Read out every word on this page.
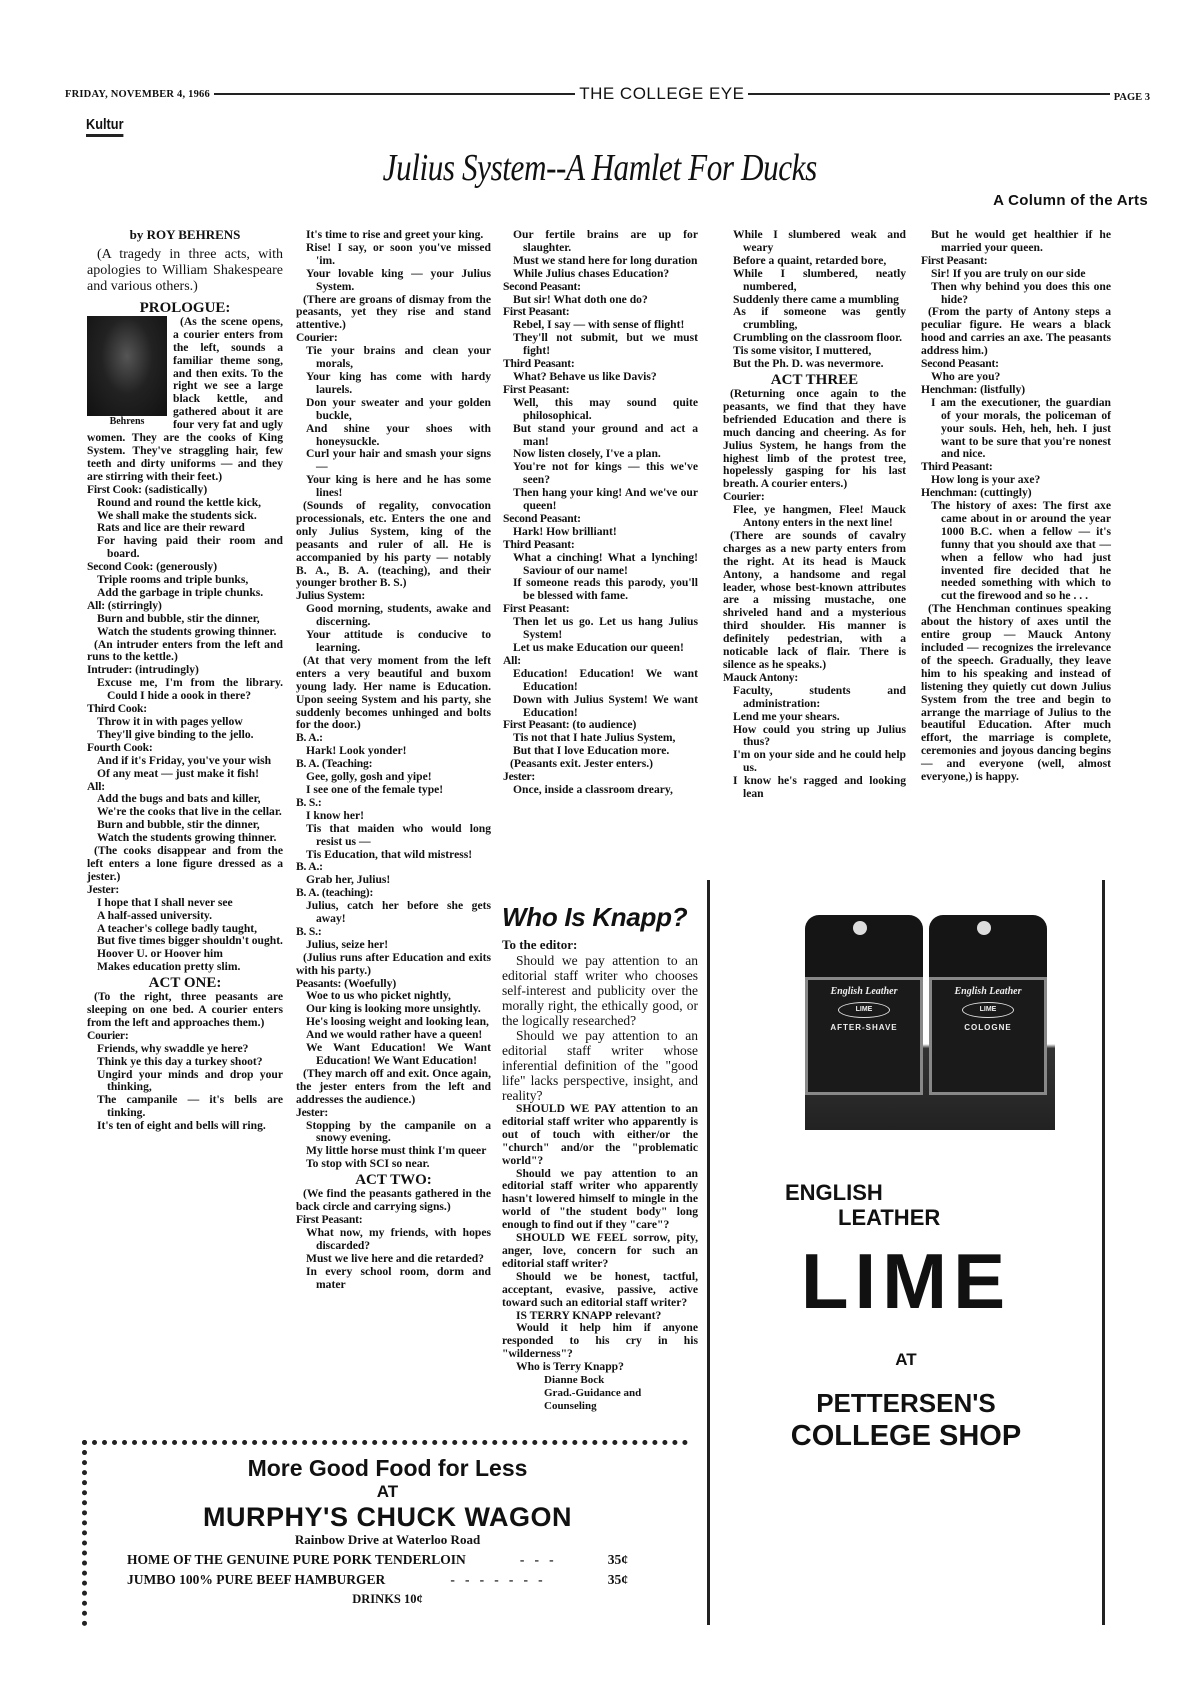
FRIDAY, NOVEMBER 4, 1966	THE COLLEGE EYE	PAGE 3
Kultur
Julius System--A Hamlet For Ducks
A Column of the Arts
by ROY BEHRENS
(A tragedy in three acts, with apologies to William Shakespeare and various others.)
PROLOGUE:
Behrens
(As the scene opens, a courier enters from the left, sounds a familiar theme song, and then exits. To the right we see a large black kettle, and gathered about it are four very fat and ugly women. They are the cooks of King System. They've straggling hair, few teeth and dirty uniforms — and they are stirring with their feet.)
First Cook: (sadistically)
Round and round the kettle kick,
We shall make the students sick.
Rats and lice are their reward
For having paid their room and board.
Second Cook: (generously)
Triple rooms and triple bunks,
Add the garbage in triple chunks.
All: (stirringly)
Burn and bubble, stir the dinner,
Watch the students growing thinner.
(An intruder enters from the left and runs to the kettle.)
Intruder: (intrudingly)
Excuse me, I'm from the library. Could I hide a oook in there?
Third Cook:
Throw it in with pages yellow
They'll give binding to the jello.
Fourth Cook:
And if it's Friday, you've your wish
Of any meat — just make it fish!
All:
Add the bugs and bats and killer,
We're the cooks that live in the cellar.
Burn and bubble, stir the dinner,
Watch the students growing thinner.
(The cooks disappear and from the left enters a lone figure dressed as a jester.)
Jester:
I hope that I shall never see
A half-assed university.
A teacher's college badly taught,
But five times bigger shouldn't ought.
Hoover U. or Hoover him
Makes education pretty slim.
ACT ONE:
(To the right, three peasants are sleeping on one bed. A courier enters from the left and approaches them.)
Courier:
Friends, why swaddle ye here?
Think ye this day a turkey shoot?
Ungird your minds and drop your thinking,
The campanile — it's bells are tinking.
It's ten of eight and bells will ring.
It's time to rise and greet your king.
Rise! I say, or soon you've missed 'im.
Your lovable king — your Julius System.
(There are groans of dismay from the peasants, yet they rise and stand attentive.)
Courier:
Tie your brains and clean your morals,
Your king has come with hardy laurels.
Don your sweater and your golden buckle,
And shine your shoes with honeysuckle.
Curl your hair and smash your signs —
Your king is here and he has some lines!
(Sounds of regality, convocation processionals, etc. Enters the one and only Julius System, king of the peasants and ruler of all. He is accompanied by his party — notably B. A., B. A. (teaching), and their younger brother B. S.)
Julius System:
Good morning, students, awake and discerning.
Your attitude is conducive to learning.
(At that very moment from the left enters a very beautiful and buxom young lady. Her name is Education. Upon seeing System and his party, she suddenly becomes unhinged and bolts for the door.)
B. A.:
Hark! Look yonder!
B. A. (Teaching:
Gee, golly, gosh and yipe!
I see one of the female type!
B. S.:
I know her!
Tis that maiden who would long resist us —
Tis Education, that wild mistress!
B. A.:
Grab her, Julius!
B. A. (teaching):
Julius, catch her before she gets away!
B. S.:
Julius, seize her!
(Julius runs after Education and exits with his party.)
Peasants: (Woefully)
Woe to us who picket nightly,
Our king is looking more unsightly.
He's loosing weight and looking lean,
And we would rather have a queen!
We Want Education! We Want Education! We Want Education!
(They march off and exit. Once again, the jester enters from the left and addresses the audience.)
Jester:
Stopping by the campanile on a snowy evening.
My little horse must think I'm queer
To stop with SCI so near.
ACT TWO:
(We find the peasants gathered in the back circle and carrying signs.)
First Peasant:
What now, my friends, with hopes discarded?
Must we live here and die retarded?
In every school room, dorm and mater
Our fertile brains are up for slaughter.
Must we stand here for long duration
While Julius chases Education?
Second Peasant:
But sir! What doth one do?
First Peasant:
Rebel, I say — with sense of flight!
They'll not submit, but we must fight!
Third Peasant:
What? Behave us like Davis?
First Peasant:
Well, this may sound quite philosophical.
But stand your ground and act a man!
Now listen closely, I've a plan.
You're not for kings — this we've seen?
Then hang your king! And we've our queen!
Second Peasant:
Hark! How brilliant!
Third Peasant:
What a cinching! What a lynching! Saviour of our name!
If someone reads this parody, you'll be blessed with fame.
First Peasant:
Then let us go. Let us hang Julius System!
Let us make Education our queen!
All:
Education! Education! We want Education!
Down with Julius System! We want Education!
First Peasant: (to audience)
Tis not that I hate Julius System,
But that I love Education more.
(Peasants exit. Jester enters.)
Jester:
Once, inside a classroom dreary,
While I slumbered weak and weary
Before a quaint, retarded bore,
While I slumbered, neatly numbered,
Suddenly there came a mumbling
As if someone was gently crumbling,
Crumbling on the classroom floor.
Tis some visitor, I muttered,
But the Ph. D. was nevermore.
ACT THREE
(Returning once again to the peasants, we find that they have befriended Education and there is much dancing and cheering. As for Julius System, he hangs from the highest limb of the protest tree, hopelessly gasping for his last breath. A courier enters.)
Courier:
Flee, ye hangmen, Flee! Mauck Antony enters in the next line!
(There are sounds of cavalry charges as a new party enters from the right. At its head is Mauck Antony, a handsome and regal leader, whose best-known attributes are a missing mustache, one shriveled hand and a mysterious third shoulder. His manner is definitely pedestrian, with a noticable lack of flair. There is silence as he speaks.)
Mauck Antony:
Faculty, students and administration:
Lend me your shears.
How could you string up Julius thus?
I'm on your side and he could help us.
I know he's ragged and looking lean
But he would get healthier if he married your queen.
First Peasant:
Sir! If you are truly on our side
Then why behind you does this one hide?
(From the party of Antony steps a peculiar figure. He wears a black hood and carries an axe. The peasants address him.)
Second Peasant:
Who are you?
Henchman: (listfully)
I am the executioner, the guardian of your morals, the policeman of your souls. Heh, heh, heh. I just want to be sure that you're nonest and nice.
Third Peasant:
How long is your axe?
Henchman: (cuttingly)
The history of axes: The first axe came about in or around the year 1000 B.C. when a fellow — it's funny that you should axe that — when a fellow who had just invented fire decided that he needed something with which to cut the firewood and so he . . .
(The Henchman continues speaking about the history of axes until the entire group — Mauck Antony included — recognizes the irrelevance of the speech. Gradually, they leave him to his speaking and instead of listening they quietly cut down Julius System from the tree and begin to arrange the marriage of Julius to the beautiful Education. After much effort, the marriage is complete, ceremonies and joyous dancing begins — and everyone (well, almost everyone,) is happy.
Who Is Knapp?
To the editor:
Should we pay attention to an editorial staff writer who chooses self-interest and publicity over the morally right, the ethically good, or the logically researched?
Should we pay attention to an editorial staff writer whose inferential definition of the "good life" lacks perspective, insight, and reality?
SHOULD WE PAY attention to an editorial staff writer who apparently is out of touch with either/or the "church" and/or the "problematic world"?
Should we pay attention to an editorial staff writer who apparently hasn't lowered himself to mingle in the world of "the student body" long enough to find out if they "care"?
SHOULD WE FEEL sorrow, pity, anger, love, concern for such an editorial staff writer?
Should we be honest, tactful, acceptant, evasive, passive, active toward such an editorial staff writer?
IS TERRY KNAPP relevant?
Would it help him if anyone responded to his cry in his "wilderness"?
Who is Terry Knapp?
Dianne Bock
Grad.-Guidance and
Counseling
More Good Food for Less
AT
MURPHY'S CHUCK WAGON
Rainbow Drive at Waterloo Road
HOME OF THE GENUINE PURE PORK TENDERLOIN	-   -   -	35¢
JUMBO 100% PURE BEEF HAMBURGER	-   -   -   -   -   -   -	35¢
DRINKS 10¢
English Leather
LIME
AFTER-SHAVE
English Leather
LIME
COLOGNE
ENGLISH
LEATHER
LIME
AT
PETTERSEN'S
COLLEGE SHOP
